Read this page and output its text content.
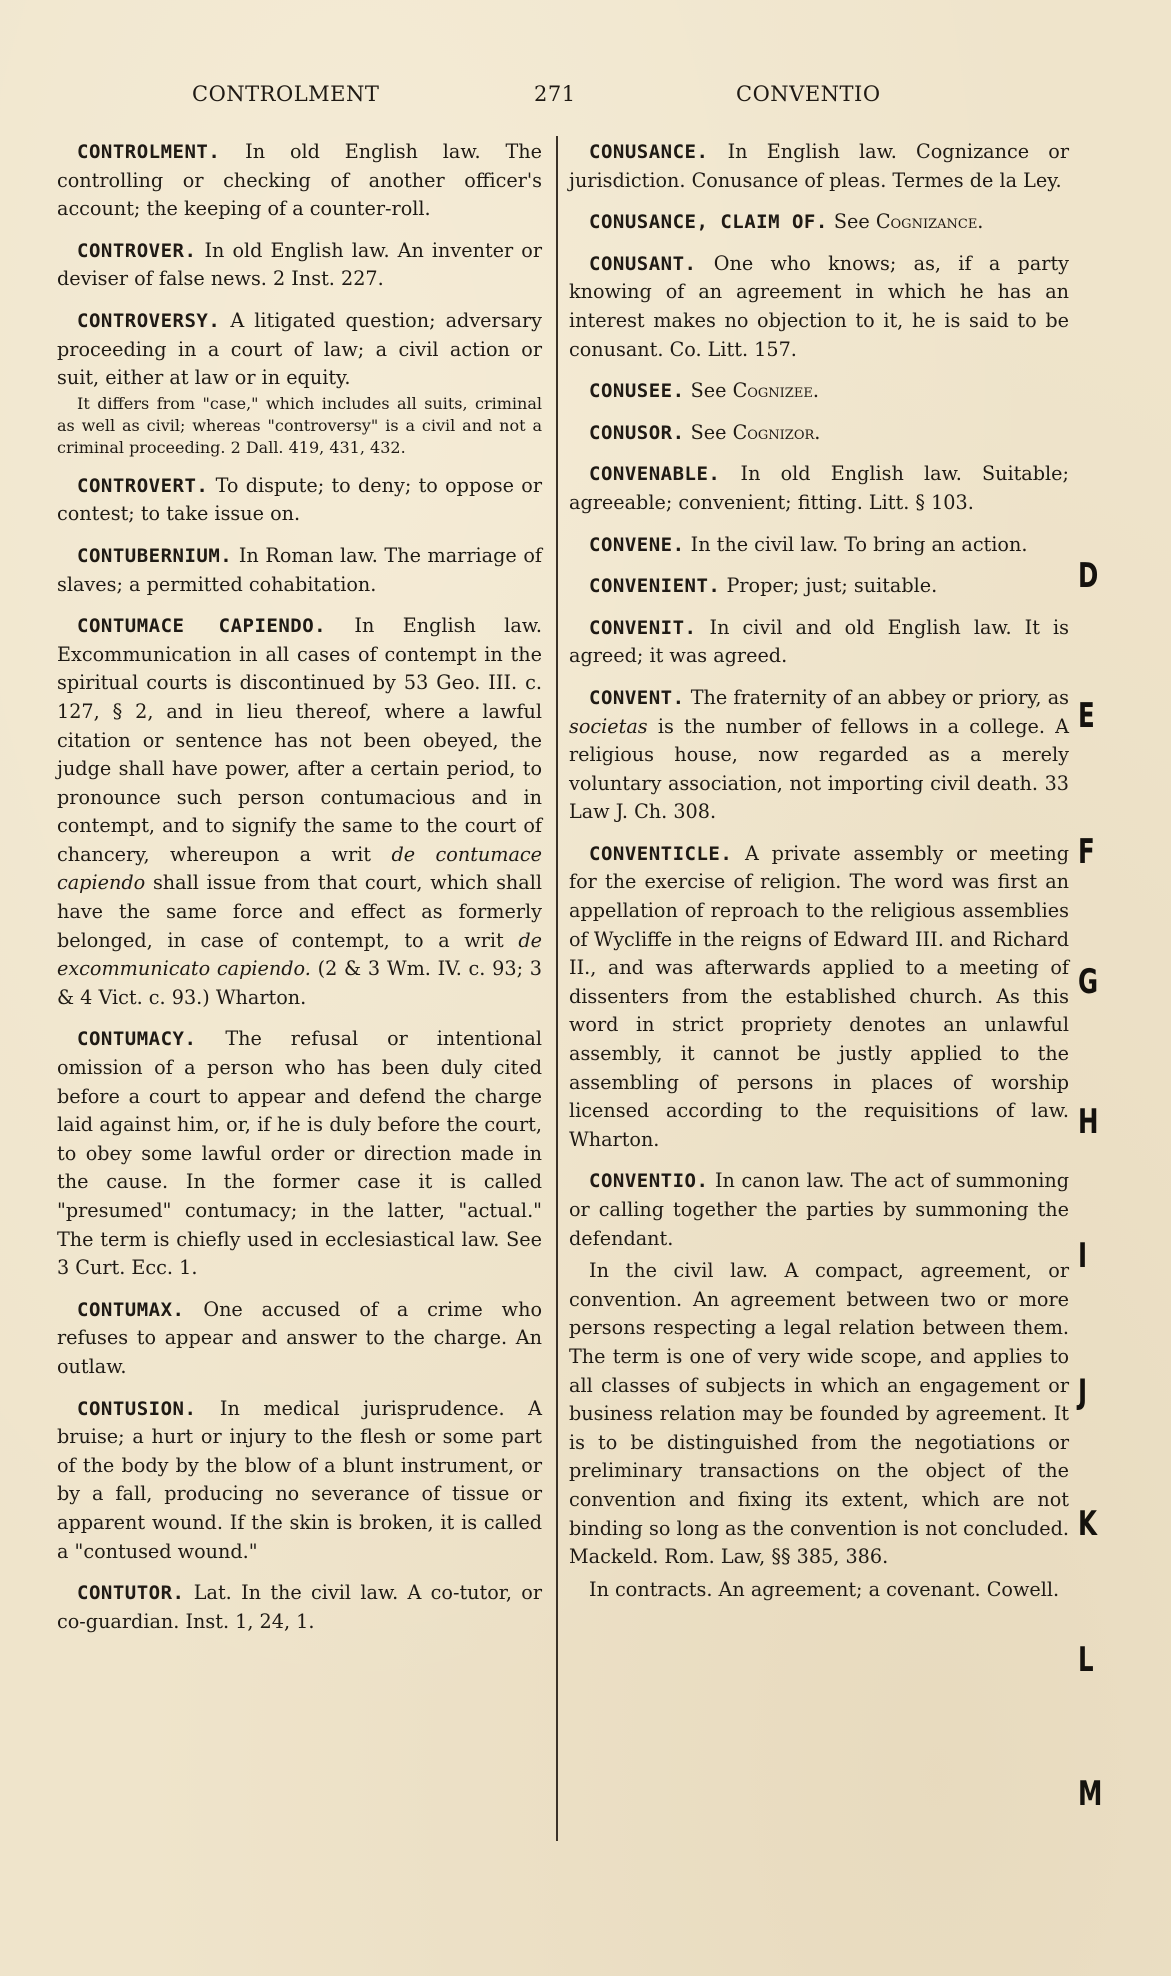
CONTROLMENT	271	CONVENTIO

CONTROLMENT. In old English law. The controlling or checking of another officer's account; the keeping of a counter-roll.

CONTROVER. In old English law. An inventer or deviser of false news. 2 Inst. 227.

CONTROVERSY. A litigated question; adversary proceeding in a court of law; a civil action or suit, either at law or in equity.

It differs from "case," which includes all suits, criminal as well as civil; whereas "controversy" is a civil and not a criminal proceeding. 2 Dall. 419, 431, 432.

CONTROVERT. To dispute; to deny; to oppose or contest; to take issue on.

CONTUBERNIUM. In Roman law. The marriage of slaves; a permitted cohabitation.

CONTUMACE CAPIENDO. In English law. Excommunication in all cases of contempt in the spiritual courts is discontinued by 53 Geo. III. c. 127, § 2, and in lieu thereof, where a lawful citation or sentence has not been obeyed, the judge shall have power, after a certain period, to pronounce such person contumacious and in contempt, and to signify the same to the court of chancery, whereupon a writ de contumace capiendo shall issue from that court, which shall have the same force and effect as formerly belonged, in case of contempt, to a writ de excommunicato capiendo. (2 & 3 Wm. IV. c. 93; 3 & 4 Vict. c. 93.) Wharton.

CONTUMACY. The refusal or intentional omission of a person who has been duly cited before a court to appear and defend the charge laid against him, or, if he is duly before the court, to obey some lawful order or direction made in the cause. In the former case it is called "presumed" contumacy; in the latter, "actual." The term is chiefly used in ecclesiastical law. See 3 Curt. Ecc. 1.

CONTUMAX. One accused of a crime who refuses to appear and answer to the charge. An outlaw.

CONTUSION. In medical jurisprudence. A bruise; a hurt or injury to the flesh or some part of the body by the blow of a blunt instrument, or by a fall, producing no severance of tissue or apparent wound. If the skin is broken, it is called a "contused wound."

CONTUTOR. Lat. In the civil law. A co-tutor, or co-guardian. Inst. 1, 24, 1.

CONUSANCE. In English law. Cognizance or jurisdiction. Conusance of pleas. Termes de la Ley.

CONUSANCE, CLAIM OF. See Cognizance.

CONUSANT. One who knows; as, if a party knowing of an agreement in which he has an interest makes no objection to it, he is said to be conusant. Co. Litt. 157.

CONUSEE. See Cognizee.

CONUSOR. See Cognizor.

CONVENABLE. In old English law. Suitable; agreeable; convenient; fitting. Litt. § 103.

CONVENE. In the civil law. To bring an action.

CONVENIENT. Proper; just; suitable.

CONVENIT. In civil and old English law. It is agreed; it was agreed.

CONVENT. The fraternity of an abbey or priory, as societas is the number of fellows in a college. A religious house, now regarded as a merely voluntary association, not importing civil death. 33 Law J. Ch. 308.

CONVENTICLE. A private assembly or meeting for the exercise of religion. The word was first an appellation of reproach to the religious assemblies of Wycliffe in the reigns of Edward III. and Richard II., and was afterwards applied to a meeting of dissenters from the established church. As this word in strict propriety denotes an unlawful assembly, it cannot be justly applied to the assembling of persons in places of worship licensed according to the requisitions of law. Wharton.

CONVENTIO. In canon law. The act of summoning or calling together the parties by summoning the defendant.

In the civil law. A compact, agreement, or convention. An agreement between two or more persons respecting a legal relation between them. The term is one of very wide scope, and applies to all classes of subjects in which an engagement or business relation may be founded by agreement. It is to be distinguished from the negotiations or preliminary transactions on the object of the convention and fixing its extent, which are not binding so long as the convention is not concluded. Mackeld. Rom. Law, §§ 385, 386.

In contracts. An agreement; a covenant. Cowell.

D
E
F
G
H
I
J
K
L
M
